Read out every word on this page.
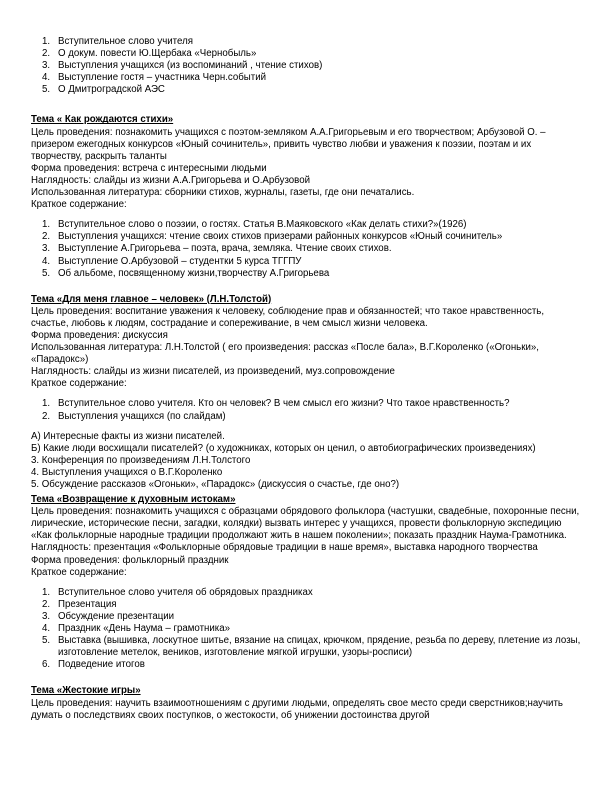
1. Вступительное слово учителя
2. О докум. повести Ю.Щербака «Чернобыль»
3. Выступления учащихся (из воспоминаний , чтение стихов)
4. Выступление гостя – участника Черн.событий
5. О Дмитроградской АЭС

Тема « Как рождаются стихи»

Цель проведения: познакомить учащихся с поэтом-земляком А.А.Григорьевым и его творчеством; Арбузовой О. – призером ежегодных конкурсов «Юный сочинитель», привить чувство любви и уважения к поэзии, поэтам и их творчеству, раскрыть таланты

Форма проведения: встреча с интересными людьми

Наглядность: слайды из жизни А.А.Григорьева и О.Арбузовой

Использованная литература: сборники стихов, журналы, газеты, где они печатались.

Краткое содержание:

1. Вступительное слово о поэзии, о гостях. Статья В.Маяковского «Как делать стихи?»(1926)
2. Выступления учащихся: чтение своих стихов призерами районных конкурсов «Юный сочинитель»
3. Выступление А.Григорьева – поэта, врача, земляка. Чтение своих стихов.
4. Выступление О.Арбузовой – студентки 5 курса ТГГПУ
5. Об альбоме, посвященному жизни,творчеству А.Григорьева

Тема «Для меня главное – человек» (Л.Н.Толстой)

Цель проведения: воспитание уважения к человеку, соблюдение прав и обязанностей; что такое нравственность, счастье, любовь к людям, сострадание и сопереживание, в чем смысл жизни человека.

Форма проведения: дискуссия

Использованная литература: Л.Н.Толстой ( его произведения: рассказ «После бала», В.Г.Короленко («Огоньки», «Парадокс»)

Наглядность: слайды из жизни писателей, из произведений, муз.сопровождение

Краткое содержание:

1. Вступительное слово учителя. Кто он человек? В чем смысл его жизни? Что такое нравственность?
2. Выступления учащихся (по слайдам)

А) Интересные факты из жизни писателей.

Б) Какие люди восхищали писателей? (о художниках, которых он ценил, о автобиографических произведениях)

3. Конференция по произведениям Л.Н.Толстого

4. Выступления учащихся о В.Г.Короленко

5. Обсуждение рассказов «Огоньки», «Парадокс» (дискуссия о счастье, где оно?)

Тема «Возвращение к духовным истокам»

Цель проведения: познакомить учащихся с образцами обрядового фольклора (частушки, свадебные, похоронные песни, лирические, исторические песни, загадки, колядки) вызвать интерес у учащихся, провести фольклорную экспедицию «Как фольклорные народные традиции продолжают жить в нашем поколении»; показать праздник Наума-Грамотника.

Наглядность: презентация «Фольклорные обрядовые традиции в наше время», выставка народного творчества

Форма проведения: фольклорный праздник

Краткое содержание:

1. Вступительное слово учителя об обрядовых праздниках
2. Презентация
3. Обсуждение презентации
4. Праздник «День Наума – грамотника»
5. Выставка (вышивка, лоскутное шитье, вязание на спицах, крючком, прядение, резьба по дереву, плетение из лозы, изготовление метелок, веников, изготовление мягкой игрушки, узоры-росписи)
6. Подведение итогов

Тема «Жестокие игры»

Цель проведения: научить взаимоотношениям с другими людьми, определять свое место среди сверстников;научить думать о последствиях своих поступков, о жестокости, об унижении достоинства другой
